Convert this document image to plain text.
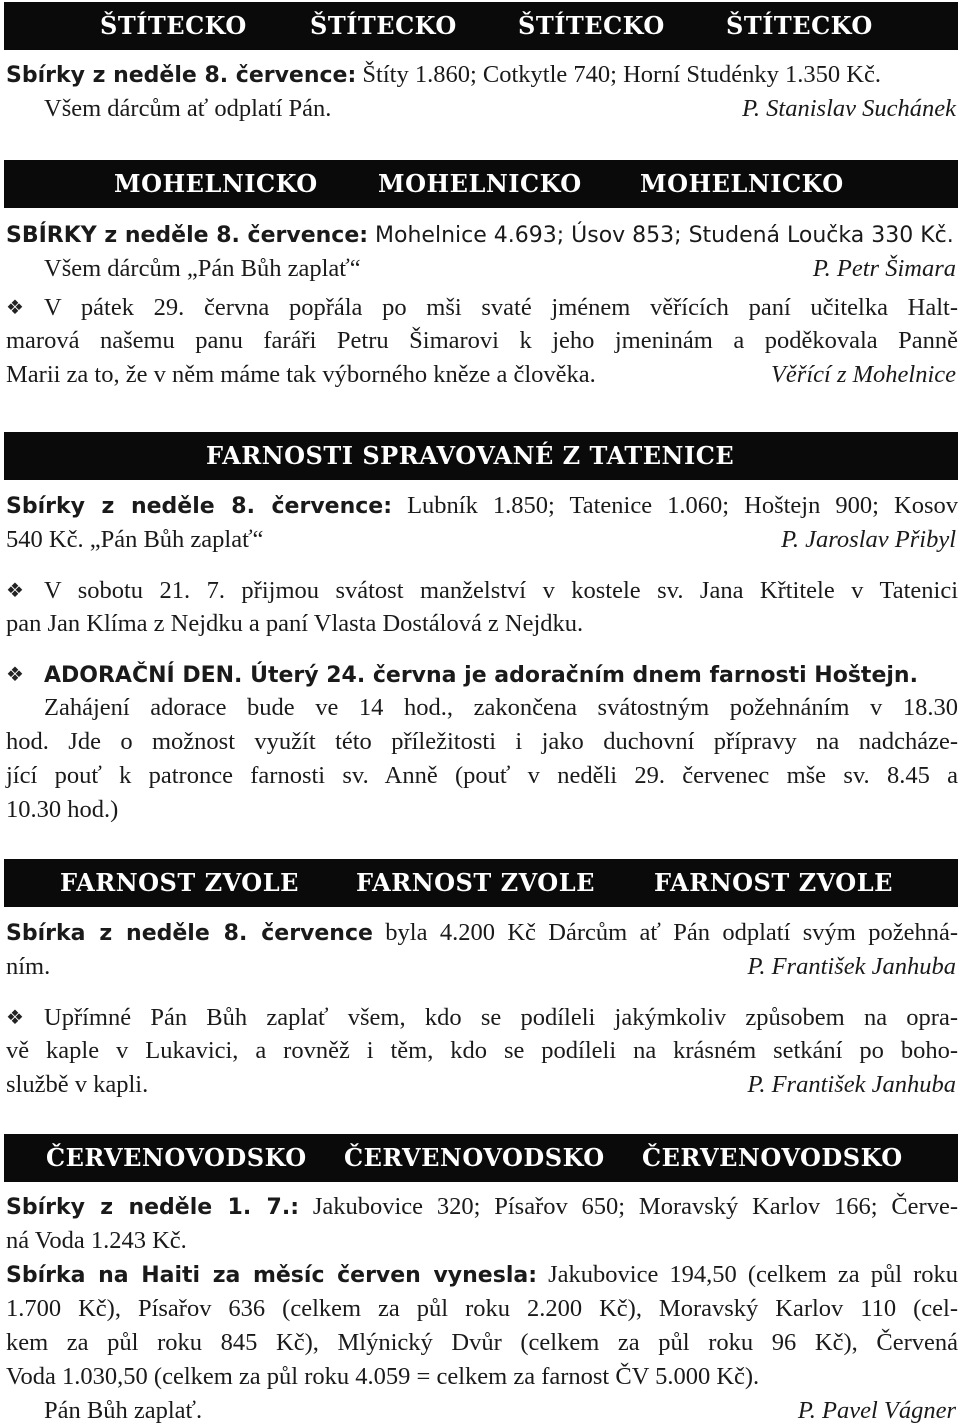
ŠTÍTECKO

	ŠTÍTECKO

	ŠTÍTECKO

	ŠTÍTECKO

Sbírky z neděle 8. července: Štíty 1.860; Cotkytle 740; Horní Studénky 1.350 Kč.
Všem dárcům ať odplatí Pán.	P. Stanislav Suchánek

MOHELNICKO

	MOHELNICKO

MOHELNICKO

SBÍRKY z neděle 8. července: Mohelnice 4.693; Úsov 853; Studená Loučka 330 Kč.
Všem dárcům „Pán Bůh zaplať“	P. Petr Šimara
❖ V pátek 29. června popřála po mši svaté jménem věřících paní učitelka Halt-
marová našemu panu faráři Petru Šimarovi k jeho jmeninám a poděkovala Panně
Marii za to, že v něm máme tak výborného kněze a člověka.	Věřící z Mohelnice

FARNOSTI SPRAVOVANÉ Z TATENICE

Sbírky z neděle 8. července: Lubník 1.850; Tatenice 1.060; Hoštejn 900; Kosov
540 Kč. „Pán Bůh zaplať“	P. Jaroslav Přibyl
❖ V sobotu 21. 7. přijmou svátost manželství v kostele sv. Jana Křtitele v Tatenici
pan Jan Klíma z Nejdku a paní Vlasta Dostálová z Nejdku.
❖ ADORAČNÍ DEN. Úterý 24. června je adoračním dnem farnosti Hoštejn.
Zahájení adorace bude ve 14 hod., zakončena svátostným požehnáním v 18.30
hod. Jde o možnost využít této příležitosti i jako duchovní přípravy na nadcháze-
jící pouť k patronce farnosti sv. Anně (pouť v neděli 29. červenec mše sv. 8.45 a
10.30 hod.)

FARNOST ZVOLE

FARNOST ZVOLE

FARNOST ZVOLE

Sbírka z neděle 8. července byla 4.200 Kč Dárcům ať Pán odplatí svým požehná-
ním.	P. František Janhuba
❖ Upřímné Pán Bůh zaplať všem, kdo se podíleli jakýmkoliv způsobem na opra-
vě kaple v Lukavici, a rovněž i těm, kdo se podíleli na krásném setkání po boho-
službě v kapli.	P. František Janhuba

ČERVENOVODSKO

ČERVENOVODSKO

ČERVENOVODSKO

Sbírky z neděle 1. 7.: Jakubovice 320; Písařov 650; Moravský Karlov 166; Červe-
ná Voda 1.243 Kč.
Sbírka na Haiti za měsíc červen vynesla: Jakubovice 194,50 (celkem za půl roku
1.700 Kč), Písařov 636 (celkem za půl roku 2.200 Kč), Moravský Karlov 110 (cel-
kem za půl roku 845 Kč), Mlýnický Dvůr (celkem za půl roku 96 Kč), Červená
Voda 1.030,50 (celkem za půl roku 4.059 = celkem za farnost ČV 5.000 Kč).
Pán Bůh zaplať.	P. Pavel Vágner
